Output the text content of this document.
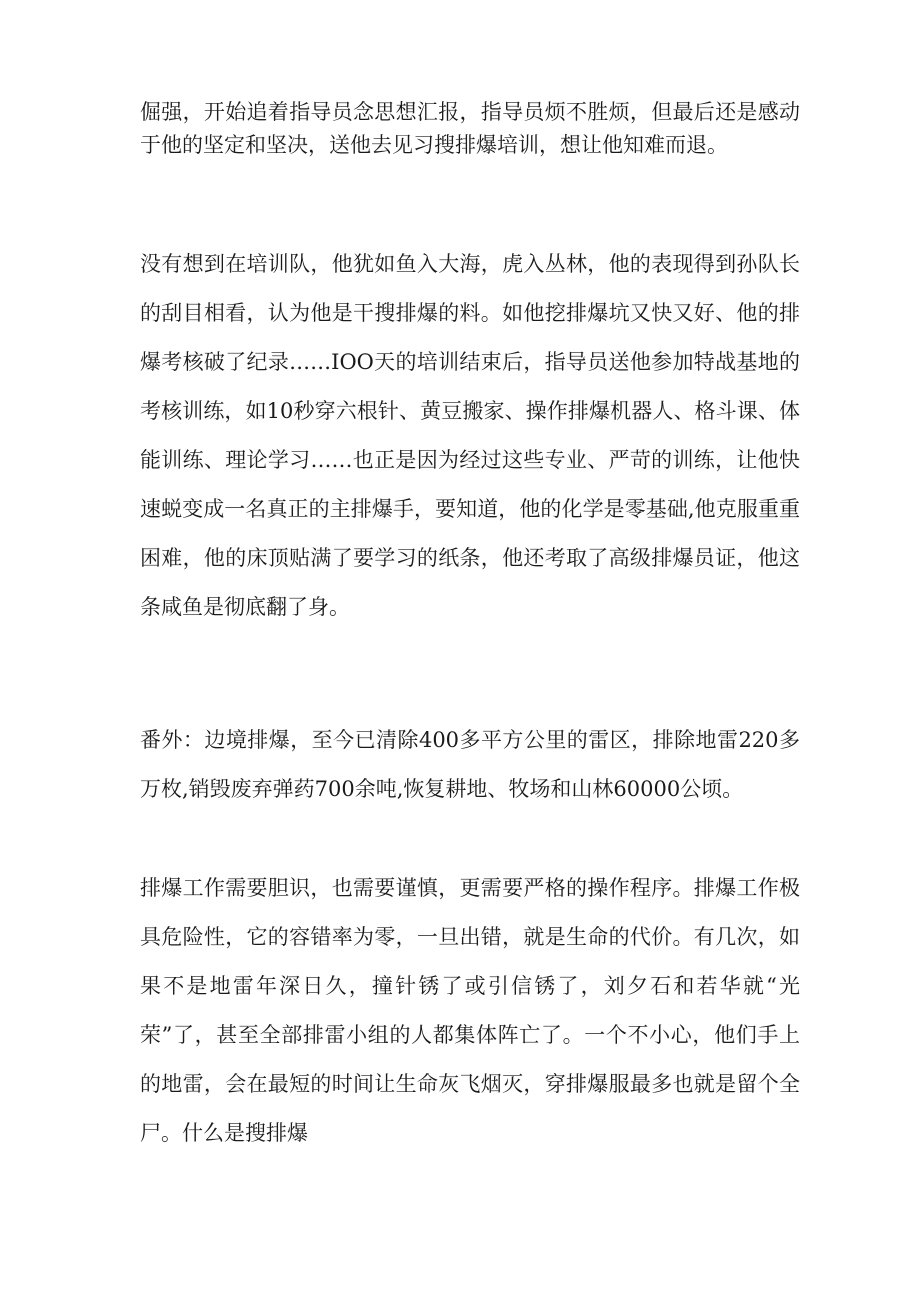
倔强，开始追着指导员念思想汇报，指导员烦不胜烦，但最后还是感动于他的坚定和坚决，送他去见习搜排爆培训，想让他知难而退。

没有想到在培训队，他犹如鱼入大海，虎入丛林，他的表现得到孙队长的刮目相看，认为他是干搜排爆的料。如他挖排爆坑又快又好、他的排爆考核破了纪录……IOO天的培训结束后，指导员送他参加特战基地的考核训练，如10秒穿六根针、黄豆搬家、操作排爆机器人、格斗课、体能训练、理论学习……也正是因为经过这些专业、严苛的训练，让他快速蜕变成一名真正的主排爆手，要知道，他的化学是零基础,他克服重重困难，他的床顶贴满了要学习的纸条，他还考取了高级排爆员证，他这条咸鱼是彻底翻了身。

番外：边境排爆，至今已清除400多平方公里的雷区，排除地雷220多万枚,销毁废弃弹药700余吨,恢复耕地、牧场和山林60000公顷。

排爆工作需要胆识，也需要谨慎，更需要严格的操作程序。排爆工作极具危险性，它的容错率为零，一旦出错，就是生命的代价。有几次，如果不是地雷年深日久，撞针锈了或引信锈了，刘夕石和若华就“光荣”了，甚至全部排雷小组的人都集体阵亡了。一个不小心，他们手上的地雷，会在最短的时间让生命灰飞烟灭，穿排爆服最多也就是留个全尸。什么是搜排爆
